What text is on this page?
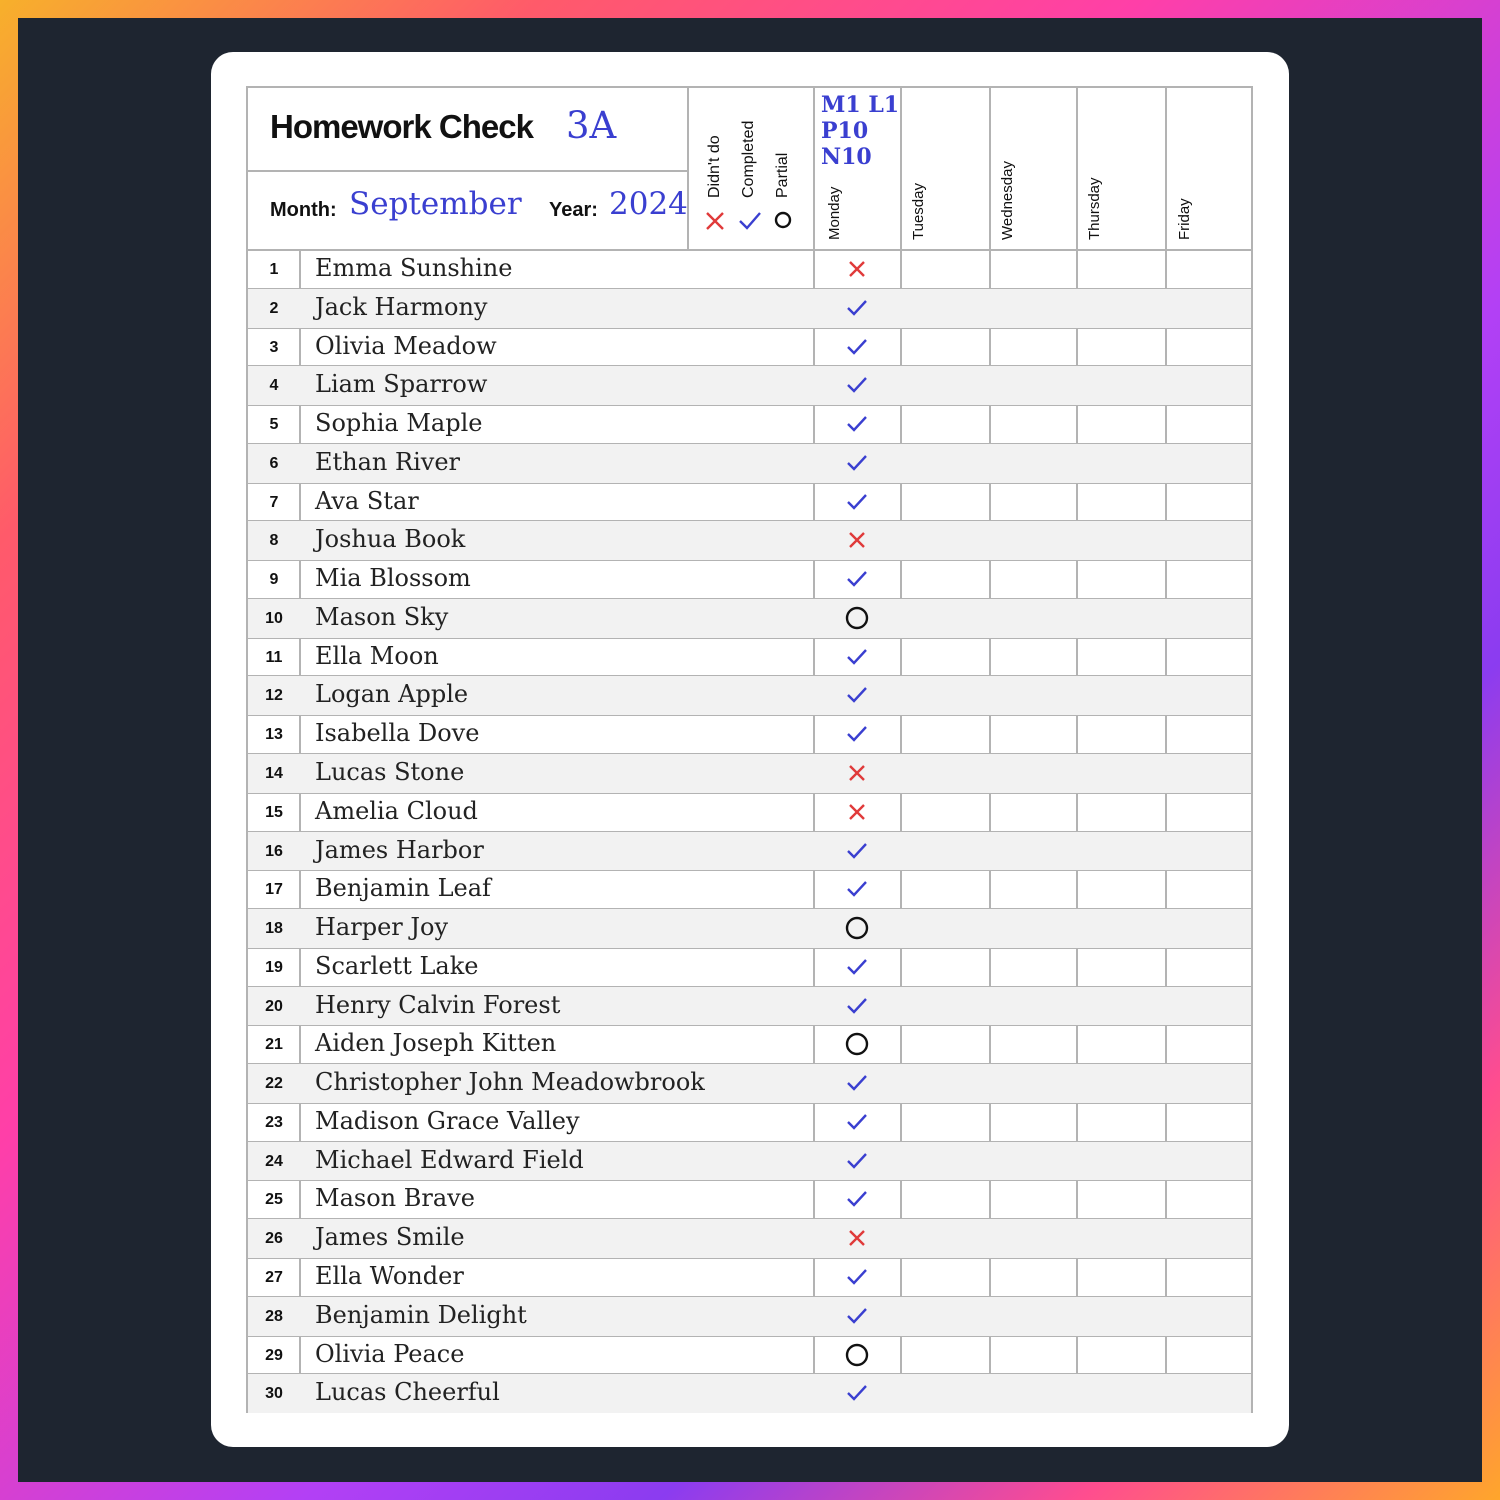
Homework Check 3A
Month: September Year: 2024
Didn't do Completed Partial
M1 L1
P10
N10
Monday	Tuesday	Wednesday	Thursday	Friday
1	Emma Sunshine
2	Jack Harmony
3	Olivia Meadow
4	Liam Sparrow
5	Sophia Maple
6	Ethan River
7	Ava Star
8	Joshua Book
9	Mia Blossom
10	Mason Sky
11	Ella Moon
12	Logan Apple
13	Isabella Dove
14	Lucas Stone
15	Amelia Cloud
16	James Harbor
17	Benjamin Leaf
18	Harper Joy
19	Scarlett Lake
20	Henry Calvin Forest
21	Aiden Joseph Kitten
22	Christopher John Meadowbrook
23	Madison Grace Valley
24	Michael Edward Field
25	Mason Brave
26	James Smile
27	Ella Wonder
28	Benjamin Delight
29	Olivia Peace
30	Lucas Cheerful
